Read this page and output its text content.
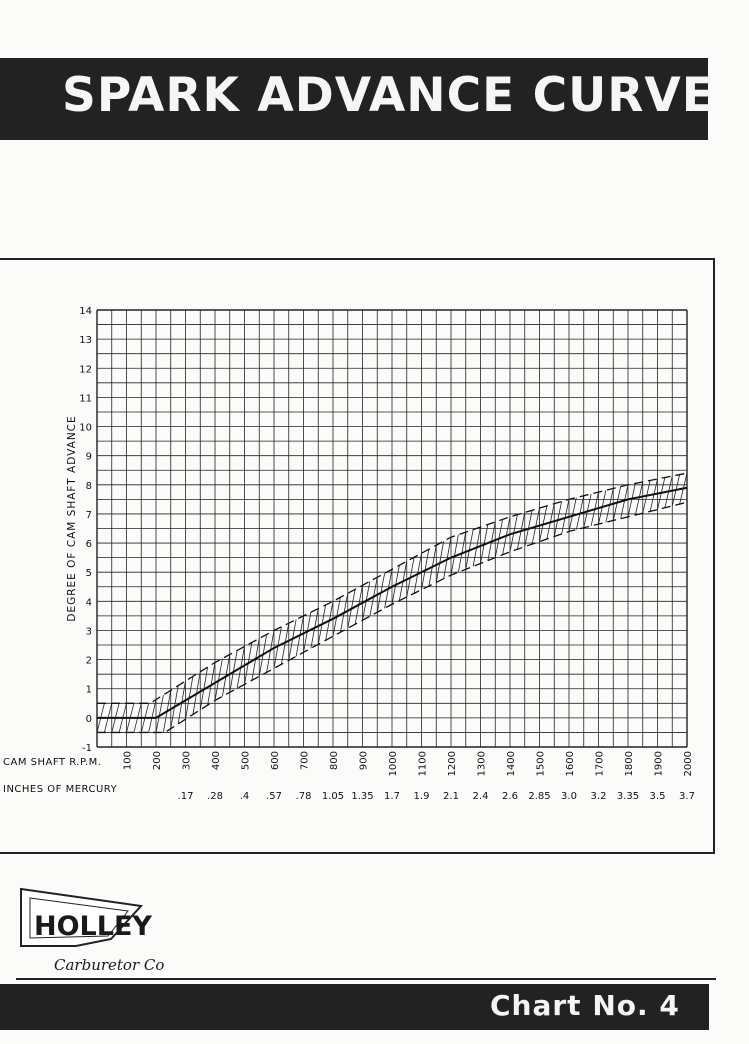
SPARK ADVANCE CURVE
-1
0
1
2
3
4
5
6
7
8
9
10
11
12
13
14
DEGREE OF CAM SHAFT ADVANCE
CAM SHAFT R.P.M.
INCHES OF MERCURY
100 200 300
.17
400
.28
500
.4
600
.57
700
.78
800
1.05
900
1.35
1000
1.7
1100
1.9
1200
2.1
1300
2.4
1400
2.6
1500
2.85
1600
3.0
1700
3.2
1800
3.35
1900
3.5
2000
3.7
HOLLEY
Carburetor Co
Chart No. 4
